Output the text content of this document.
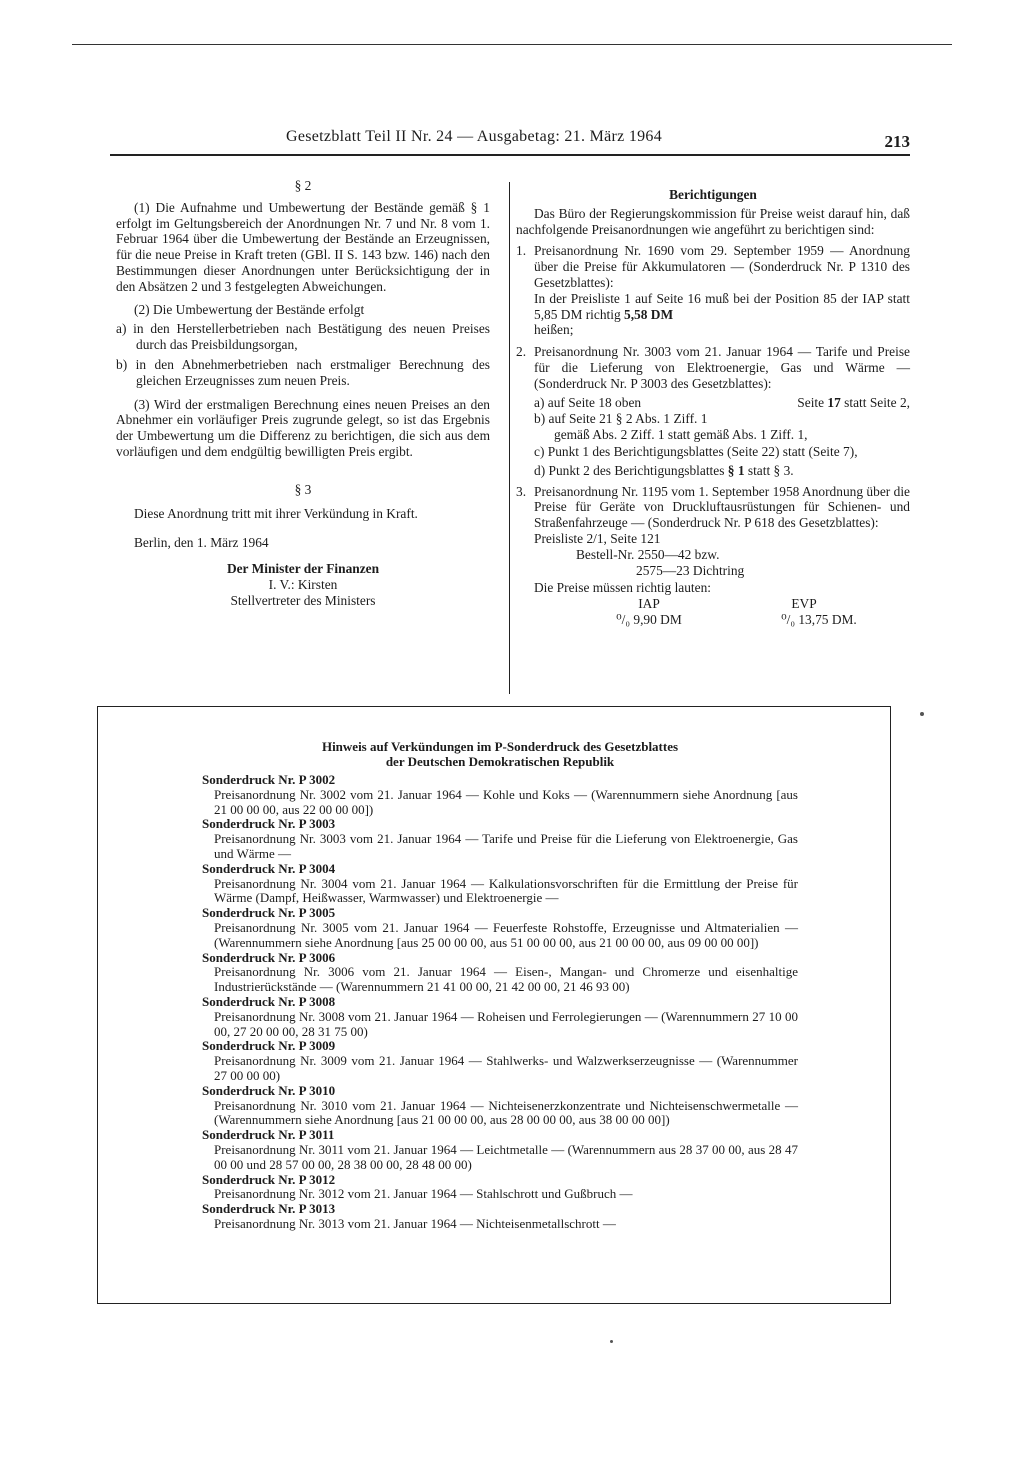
Gesetzblatt Teil II Nr. 24 — Ausgabetag: 21. März 1964	213

§ 2

(1) Die Aufnahme und Umbewertung der Bestände gemäß § 1 erfolgt im Geltungsbereich der Anordnungen Nr. 7 und Nr. 8 vom 1. Februar 1964 über die Umbewertung der Bestände an Erzeugnissen, für die neue Preise in Kraft treten (GBl. II S. 143 bzw. 146) nach den Bestimmungen dieser Anordnungen unter Berücksichtigung der in den Absätzen 2 und 3 festgelegten Abweichungen.

(2) Die Umbewertung der Bestände erfolgt

a) in den Herstellerbetrieben nach Bestätigung des neuen Preises durch das Preisbildungsorgan,

b) in den Abnehmerbetrieben nach erstmaliger Berechnung des gleichen Erzeugnisses zum neuen Preis.

(3) Wird der erstmaligen Berechnung eines neuen Preises an den Abnehmer ein vorläufiger Preis zugrunde gelegt, so ist das Ergebnis der Umbewertung um die Differenz zu berichtigen, die sich aus dem vorläufigen und dem endgültig bewilligten Preis ergibt.

§ 3

Diese Anordnung tritt mit ihrer Verkündung in Kraft.

Berlin, den 1. März 1964

Der Minister der Finanzen

I. V.: Kirsten

Stellvertreter des Ministers

Berichtigungen

Das Büro der Regierungskommission für Preise weist darauf hin, daß nachfolgende Preisanordnungen wie angeführt zu berichtigen sind:

1. Preisanordnung Nr. 1690 vom 29. September 1959 — Anordnung über die Preise für Akkumulatoren — (Sonderdruck Nr. P 1310 des Gesetzblattes):

In der Preisliste 1 auf Seite 16 muß bei der Position 85 der IAP statt 5,85 DM richtig 5,58 DM

heißen;

2. Preisanordnung Nr. 3003 vom 21. Januar 1964 — Tarife und Preise für die Lieferung von Elektroenergie, Gas und Wärme — (Sonderdruck Nr. P 3003 des Gesetzblattes):

a) auf Seite 18 oben	Seite 17 statt Seite 2,

b) auf Seite 21 § 2 Abs. 1 Ziff. 1

gemäß Abs. 2 Ziff. 1 statt gemäß Abs. 1 Ziff. 1,

c) Punkt 1 des Berichtigungsblattes (Seite 22) statt (Seite 7),

d) Punkt 2 des Berichtigungsblattes § 1 statt § 3.

3. Preisanordnung Nr. 1195 vom 1. September 1958 Anordnung über die Preise für Geräte von Druckluftausrüstungen für Schienen- und Straßenfahrzeuge — (Sonderdruck Nr. P 618 des Gesetzblattes):

Preisliste 2/1, Seite 121

Bestell-Nr. 2550—42 bzw.

2575—23 Dichtring

Die Preise müssen richtig lauten:

IAP	EVP
⁰/₀ 9,90 DM	⁰/₀ 13,75 DM.
Hinweis auf Verkündungen im P-Sonderdruck des Gesetzblattes
der Deutschen Demokratischen Republik
Sonderdruck Nr. P 3002
Preisanordnung Nr. 3002 vom 21. Januar 1964 — Kohle und Koks — (Warennummern siehe Anordnung [aus 21 00 00 00, aus 22 00 00 00])
Sonderdruck Nr. P 3003
Preisanordnung Nr. 3003 vom 21. Januar 1964 — Tarife und Preise für die Lieferung von Elektroenergie, Gas und Wärme —
Sonderdruck Nr. P 3004
Preisanordnung Nr. 3004 vom 21. Januar 1964 — Kalkulationsvorschriften für die Ermittlung der Preise für Wärme (Dampf, Heißwasser, Warmwasser) und Elektroenergie —
Sonderdruck Nr. P 3005
Preisanordnung Nr. 3005 vom 21. Januar 1964 — Feuerfeste Rohstoffe, Erzeugnisse und Altmaterialien — (Warennummern siehe Anordnung [aus 25 00 00 00, aus 51 00 00 00, aus 21 00 00 00, aus 09 00 00 00])
Sonderdruck Nr. P 3006
Preisanordnung Nr. 3006 vom 21. Januar 1964 — Eisen-, Mangan- und Chromerze und eisenhaltige Industrierückstände — (Warennummern 21 41 00 00, 21 42 00 00, 21 46 93 00)
Sonderdruck Nr. P 3008
Preisanordnung Nr. 3008 vom 21. Januar 1964 — Roheisen und Ferrolegierungen — (Warennummern 27 10 00 00, 27 20 00 00, 28 31 75 00)
Sonderdruck Nr. P 3009
Preisanordnung Nr. 3009 vom 21. Januar 1964 — Stahlwerks- und Walzwerkserzeugnisse — (Warennummer 27 00 00 00)
Sonderdruck Nr. P 3010
Preisanordnung Nr. 3010 vom 21. Januar 1964 — Nichteisenerzkonzentrate und Nichteisenschwermetalle — (Warennummern siehe Anordnung [aus 21 00 00 00, aus 28 00 00 00, aus 38 00 00 00])
Sonderdruck Nr. P 3011
Preisanordnung Nr. 3011 vom 21. Januar 1964 — Leichtmetalle — (Warennummern aus 28 37 00 00, aus 28 47 00 00 und 28 57 00 00, 28 38 00 00, 28 48 00 00)
Sonderdruck Nr. P 3012
Preisanordnung Nr. 3012 vom 21. Januar 1964 — Stahlschrott und Gußbruch —
Sonderdruck Nr. P 3013
Preisanordnung Nr. 3013 vom 21. Januar 1964 — Nichteisenmetallschrott —
